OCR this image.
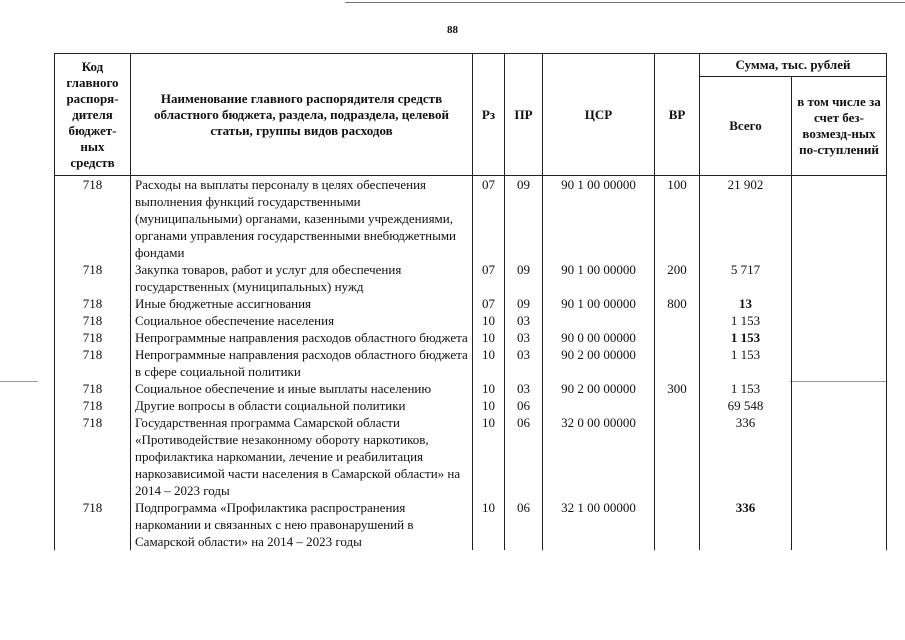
88
Код главного распоря-дителя бюджет-ных средств	Наименование главного распорядителя средств областного бюджета, раздела, подраздела, целевой статьи, группы видов расходов	Рз	ПР	ЦСР	ВР	Сумма, тыс. рублей	
						Всего	в том числе за счет без-возмезд-ных по-ступлений
718	Расходы на выплаты персоналу в целях обеспечения выполнения функций государственными (муниципальными) органами, казенными учреждениями, органами управления государственными внебюджетными фондами	07	09	90 1 00 00000	100	21 902	
718	Закупка товаров, работ и услуг для обеспечения государственных (муниципальных) нужд	07	09	90 1 00 00000	200	5 717	
718	Иные бюджетные ассигнования	07	09	90 1 00 00000	800	13	
718	Социальное обеспечение населения	10	03			1 153	
718	Непрограммные направления расходов областного бюджета	10	03	90 0 00 00000		1 153	
718	Непрограммные направления расходов областного бюджета в сфере социальной политики	10	03	90 2 00 00000		1 153	
718	Социальное обеспечение и иные выплаты населению	10	03	90 2 00 00000	300	1 153	
718	Другие вопросы в области социальной политики	10	06			69 548	
718	Государственная программа Самарской области «Противодействие незаконному обороту наркотиков, профилактика наркомании, лечение и реабилитация наркозависимой части населения в Самарской области» на 2014 – 2023 годы	10	06	32 0 00 00000		336	
718	Подпрограмма «Профилактика распространения наркомании и связанных с нею правонарушений в Самарской области» на 2014 – 2023 годы	10	06	32 1 00 00000		336	
